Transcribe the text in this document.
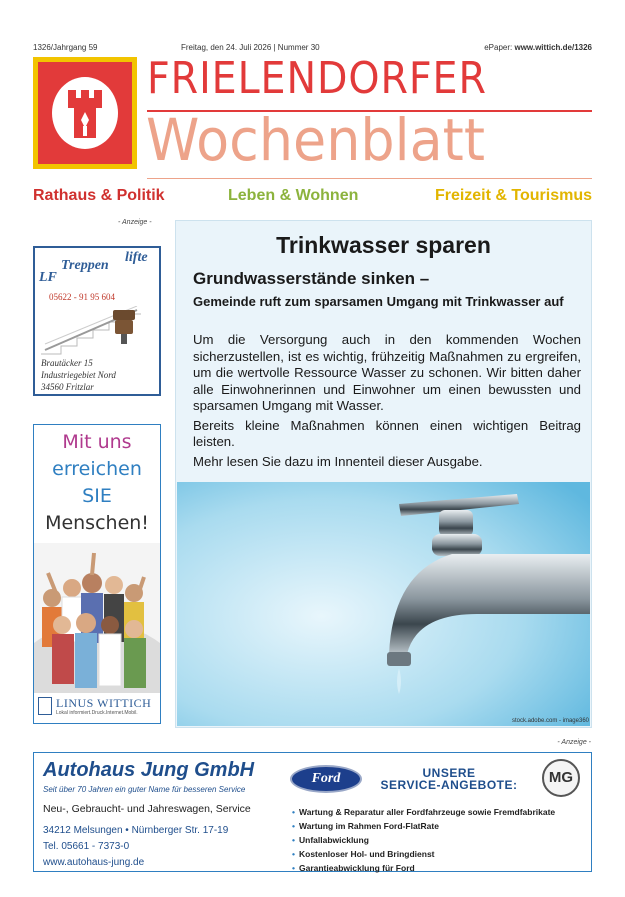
1326/Jahrgang 59	Freitag, den 24. Juli 2026 | Nummer 30	ePaper: www.wittich.de/1326
FRIELENDORFER
Wochenblatt
Rathaus & Politik	Leben & Wohnen	Freizeit & Tourismus
- Anzeige -
LF
Treppen
lifte
05622 - 91 95 604
Brautäcker 15
Industriegebiet Nord
34560 Fritzlar
Mit uns
erreichen
SIE
Menschen!
LINUS WITTICH
Lokal informiert.Druck.Internet.Mobil.
Trinkwasser sparen
Grundwasserstände sinken –
Gemeinde ruft zum sparsamen Umgang mit Trinkwasser auf

Um die Versorgung auch in den kommenden Wochen sicherzustellen, ist es wichtig, frühzeitig Maßnahmen zu ergreifen, um die wertvolle Ressource Wasser zu schonen. Wir bitten daher alle Einwohnerinnen und Einwohner um einen bewussten und sparsamen Umgang mit Wasser.

Bereits kleine Maßnahmen können einen wichtigen Beitrag leisten.

Mehr lesen Sie dazu im Innenteil dieser Ausgabe.

stock.adobe.com - image360
- Anzeige -
Autohaus Jung GmbH
Seit über 70 Jahren ein guter Name für besseren Service
Neu-, Gebraucht- und Jahreswagen, Service
34212 Melsungen • Nürnberger Str. 17-19
Tel. 05661 - 7373-0
www.autohaus-jung.de
Ford	UNSERE
SERVICE-ANGEBOTE:	MG
• Wartung & Reparatur aller Fordfahrzeuge sowie Fremdfabrikate
• Wartung im Rahmen Ford-FlatRate
• Unfallabwicklung
• Kostenloser Hol- und Bringdienst
• Garantieabwicklung für Ford
